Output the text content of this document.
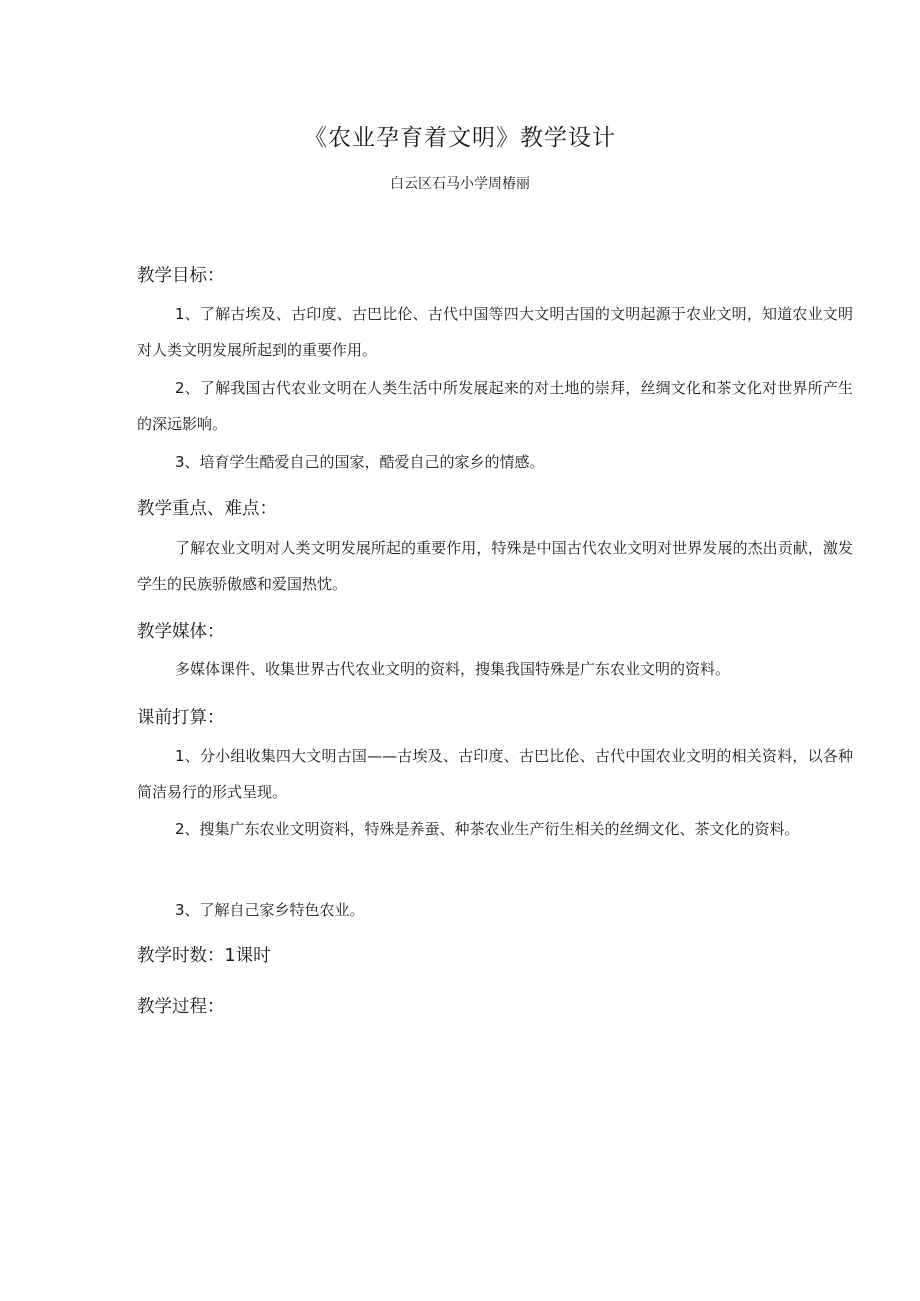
《农业孕育着文明》教学设计
白云区石马小学周椿丽
教学目标：
1、了解古埃及、古印度、古巴比伦、古代中国等四大文明古国的文明起源于农业文明，知道农业文明对人类文明发展所起到的重要作用。
2、了解我国古代农业文明在人类生活中所发展起来的对土地的崇拜，丝绸文化和茶文化对世界所产生的深远影响。
3、培育学生酷爱自己的国家，酷爱自己的家乡的情感。
教学重点、难点：
了解农业文明对人类文明发展所起的重要作用，特殊是中国古代农业文明对世界发展的杰出贡献，激发学生的民族骄傲感和爱国热忱。
教学媒体：
多媒体课件、收集世界古代农业文明的资料，搜集我国特殊是广东农业文明的资料。
课前打算：
1、分小组收集四大文明古国——古埃及、古印度、古巴比伦、古代中国农业文明的相关资料，以各种简洁易行的形式呈现。
2、搜集广东农业文明资料，特殊是养蚕、种茶农业生产衍生相关的丝绸文化、茶文化的资料。
3、了解自己家乡特色农业。
教学时数：1课时
教学过程：
